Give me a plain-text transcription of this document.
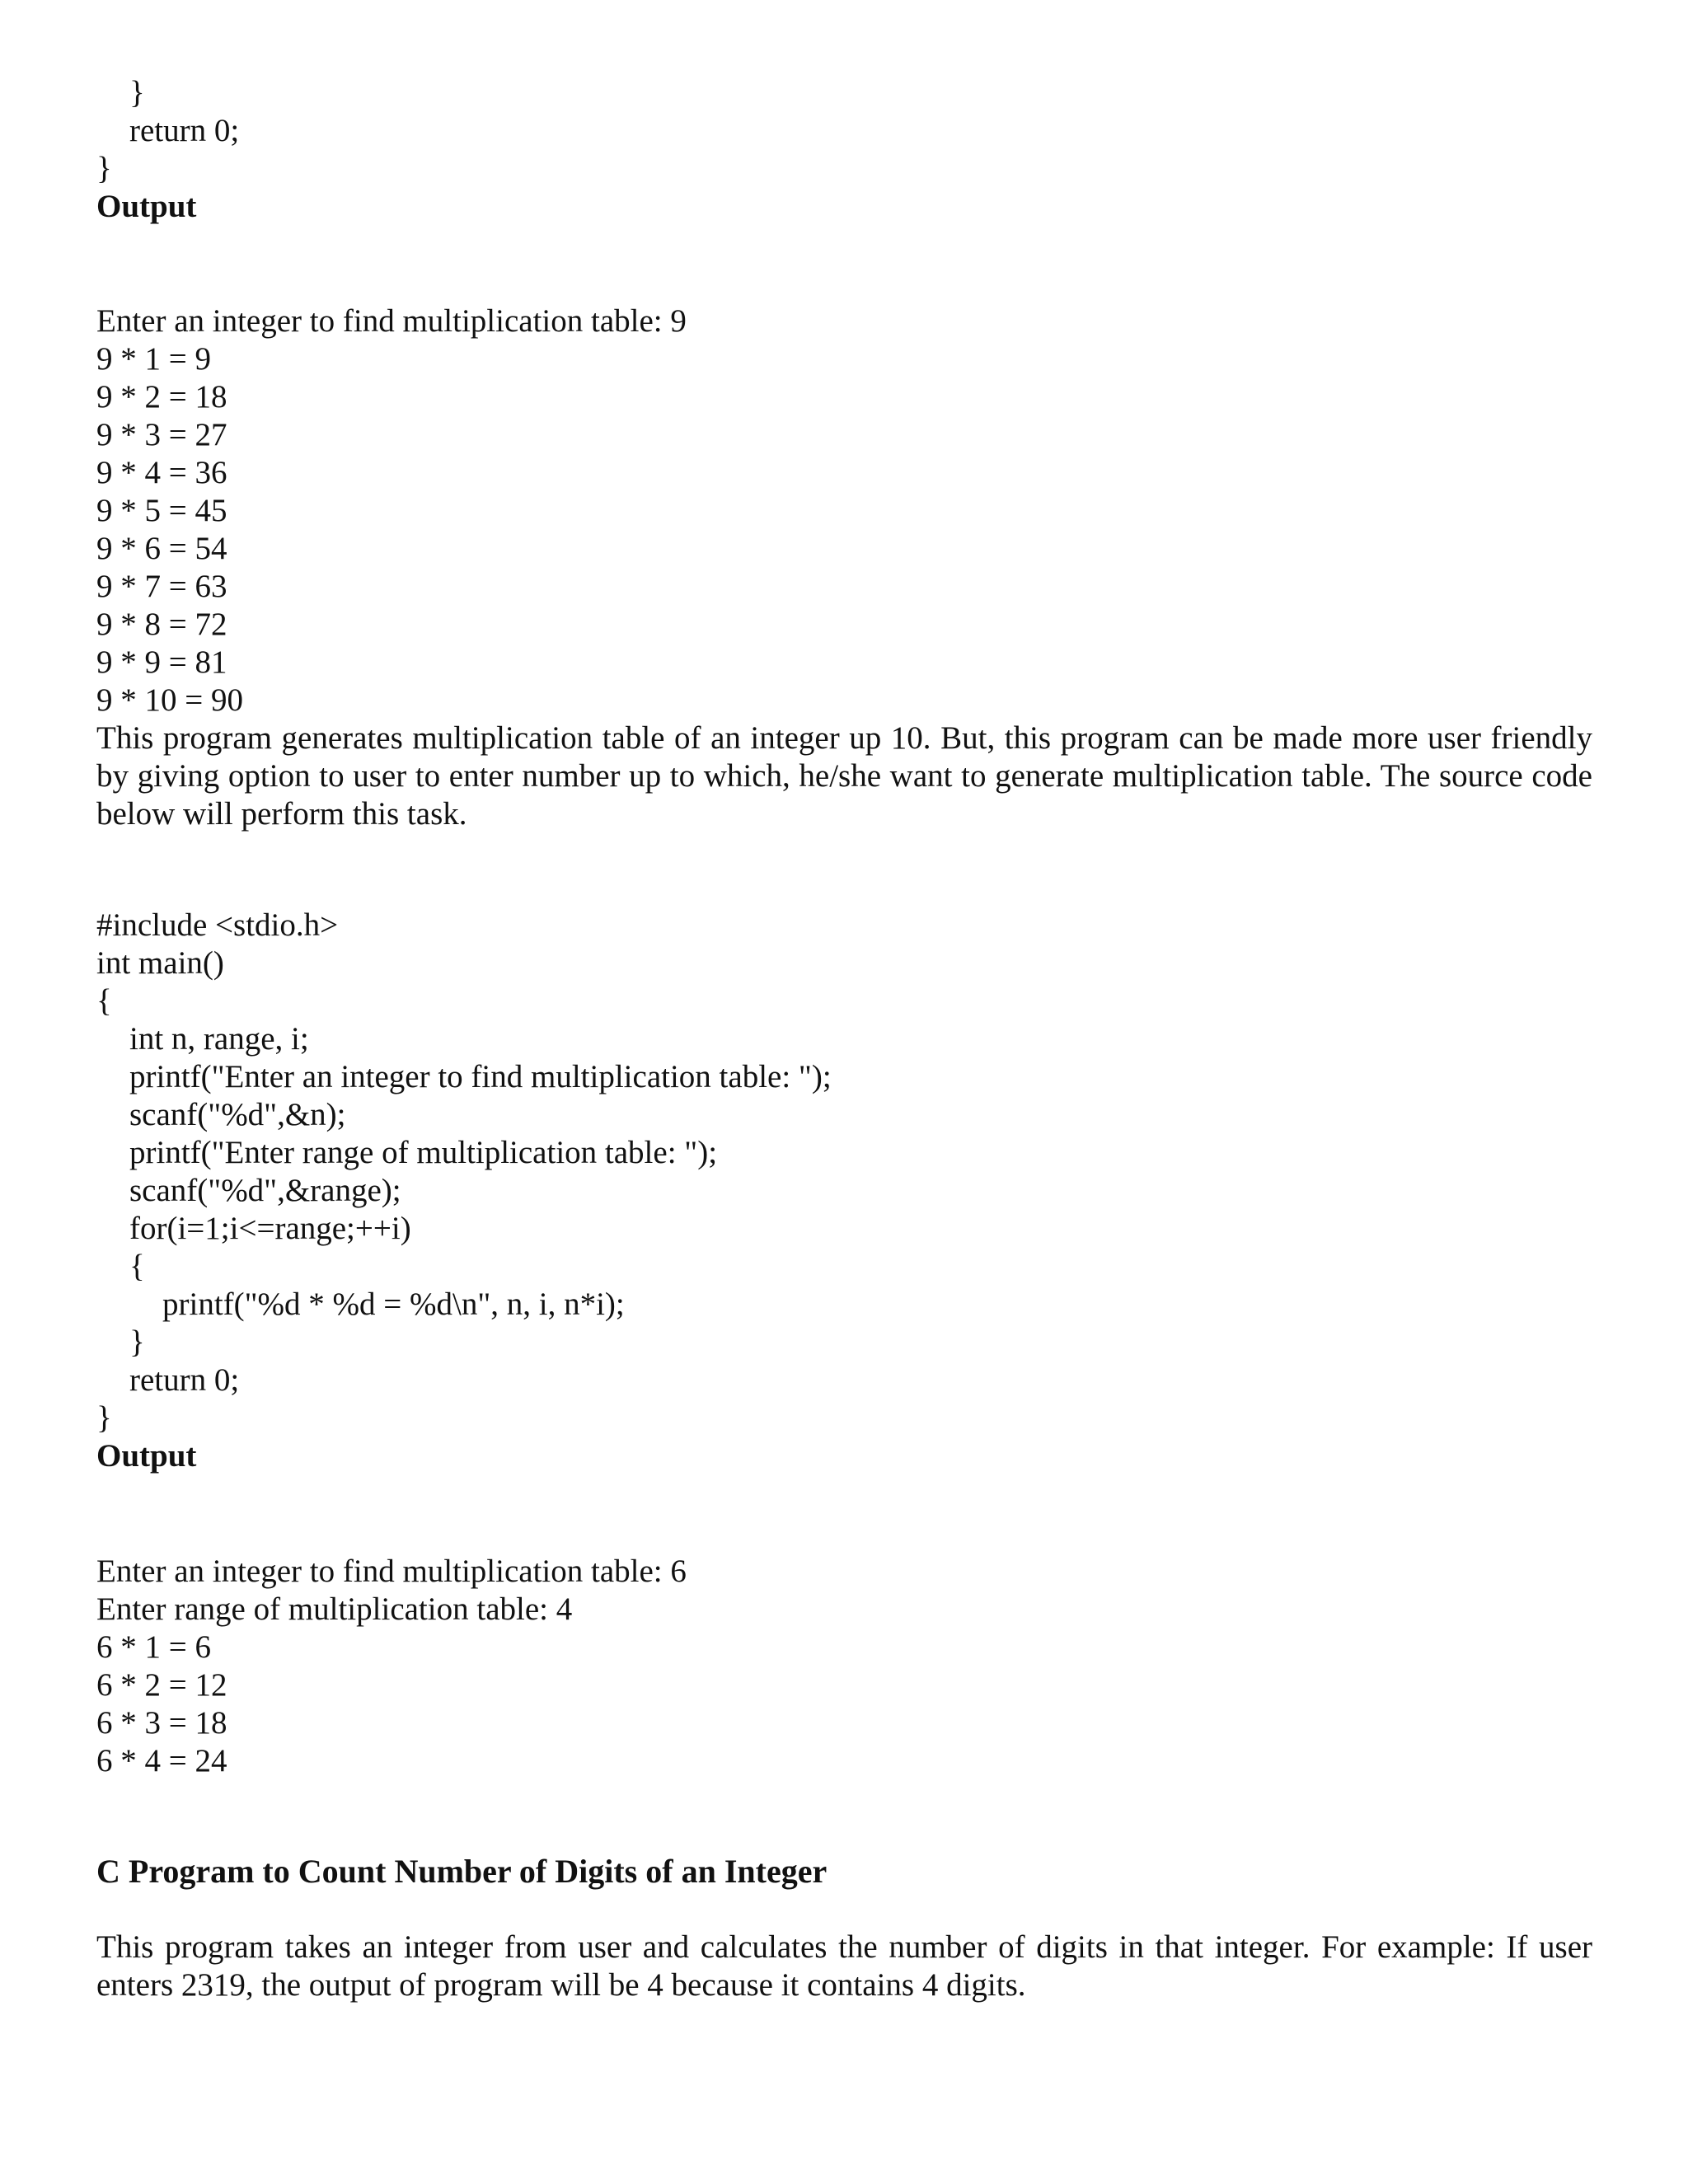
}
return 0;
}
Output
Enter an integer to find multiplication table: 9
9 * 1 = 9
9 * 2 = 18
9 * 3 = 27
9 * 4 = 36
9 * 5 = 45
9 * 6 = 54
9 * 7 = 63
9 * 8 = 72
9 * 9 = 81
9 * 10 = 90
This program generates multiplication table of an integer up 10. But, this program can be made more user friendly by giving option to user to enter number up to which, he/she want to generate multiplication table. The source code below will perform this task.
#include <stdio.h>
int main()
{
int n, range, i;
printf("Enter an integer to find multiplication table: ");
scanf("%d",&n);
printf("Enter range of multiplication table: ");
scanf("%d",&range);
for(i=1;i<=range;++i)
{
printf("%d * %d = %d\n", n, i, n*i);
}
return 0;
}
Output
Enter an integer to find multiplication table: 6
Enter range of multiplication table: 4
6 * 1 = 6
6 * 2 = 12
6 * 3 = 18
6 * 4 = 24
C Program to Count Number of Digits of an Integer
This program takes an integer from user and calculates the number of digits in that integer. For example: If user enters 2319, the output of program will be 4 because it contains 4 digits.
